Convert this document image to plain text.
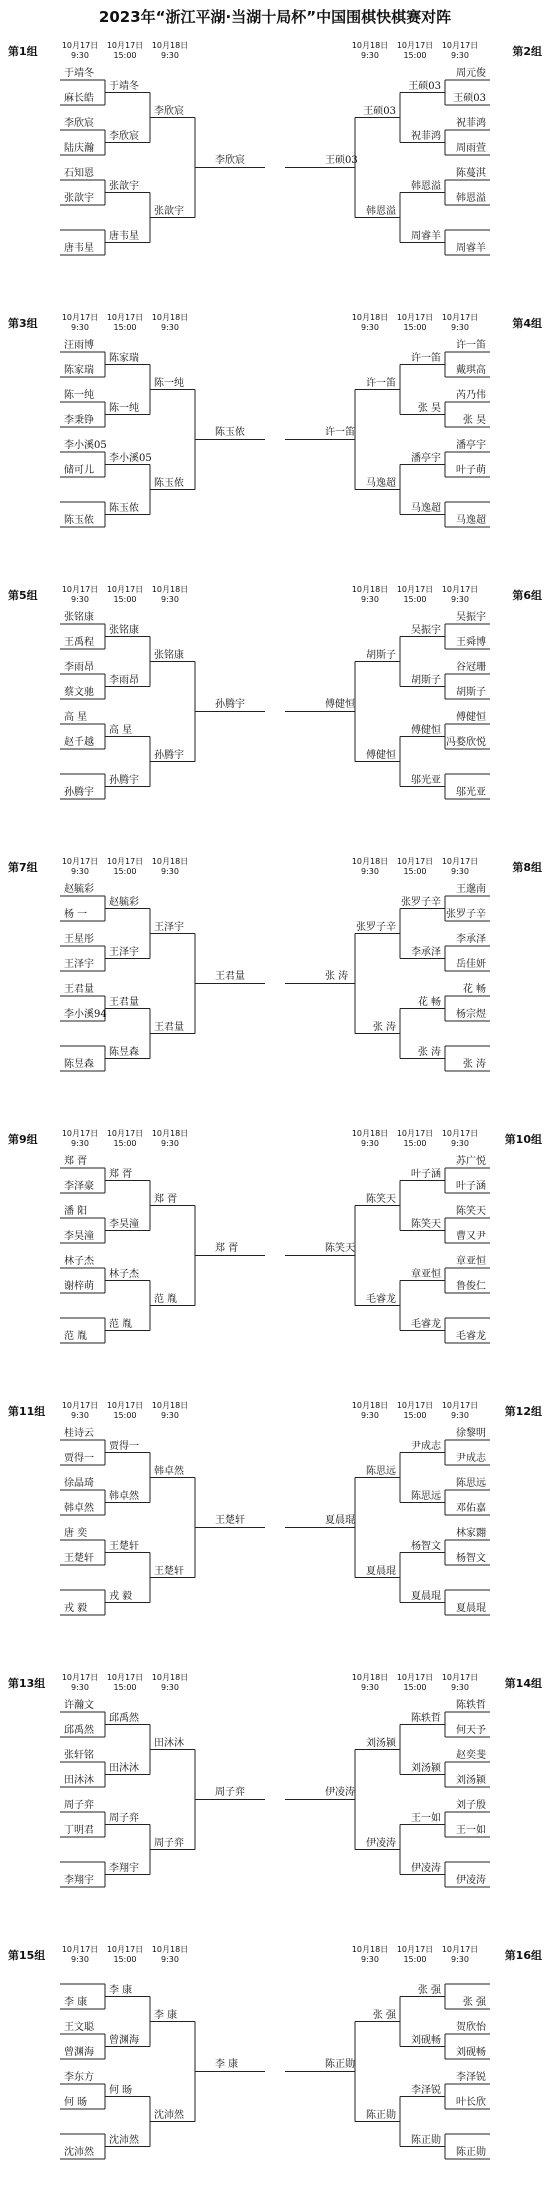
2023年“浙江平湖·当湖十局杯”中国围棋快棋赛对阵
第1组	第2组
10月17日
9:30
10月17日
15:00
10月18日
9:30
10月18日
9:30
10月17日
15:00
10月17日
9:30
于靖冬
麻长皓
李欣宸
陆庆瀚
石知恩
张歆宇
唐韦星
于靖冬
李欣宸
张歆宇
唐韦星
李欣宸
张歆宇
李欣宸
周元俊
王硕03
祝菲鸿
周雨萱
陈蔓淇
韩恩溢
周睿羊
王硕03
祝菲鸿
韩恩溢
周睿羊
王硕03
韩恩溢
王硕03
第3组	第4组
10月17日
9:30
10月17日
15:00
10月18日
9:30
10月18日
9:30
10月17日
15:00
10月17日
9:30
汪雨博
陈家瑞
陈一纯
李秉铮
李小溪05
储可儿
陈玉侬
陈家瑞
陈一纯
李小溪05
陈玉侬
陈一纯
陈玉侬
陈玉侬
许一笛
戴琪高
芮乃伟
张 昊
潘亭宇
叶子萌
马逸超
许一笛
张 昊
潘亭宇
马逸超
许一笛
马逸超
许一笛
第5组	第6组
10月17日
9:30
10月17日
15:00
10月18日
9:30
10月18日
9:30
10月17日
15:00
10月17日
9:30
张铭康
王禹程
李雨昂
蔡文驰
高 星
赵千越
孙腾宇
张铭康
李雨昂
高 星
孙腾宇
张铭康
孙腾宇
孙腾宇
吴振宇
王舜博
谷冠珊
胡斯子
傅健恒
冯婺欣悦
邬光亚
吴振宇
胡斯子
傅健恒
邬光亚
胡斯子
傅健恒
傅健恒
第7组	第8组
10月17日
9:30
10月17日
15:00
10月18日
9:30
10月18日
9:30
10月17日
15:00
10月17日
9:30
赵毓彩
杨 一
王星彤
王泽宇
王君量
李小溪94
陈昱森
赵毓彩
王泽宇
王君量
陈昱森
王泽宇
王君量
王君量
王邈南
张罗子辛
李承泽
岳佳妍
花 畅
杨宗煜
张 涛
张罗子辛
李承泽
花 畅
张 涛
张罗子辛
张 涛
张 涛
第9组	第10组
10月17日
9:30
10月17日
15:00
10月18日
9:30
10月18日
9:30
10月17日
15:00
10月17日
9:30
郑 胥
李泽豪
潘 阳
李昊潼
林子杰
谢梓萌
范 胤
郑 胥
李昊潼
林子杰
范 胤
郑 胥
范 胤
郑 胥
苏广悦
叶子涵
陈笑天
曹又尹
章亚恒
鲁俊仁
毛睿龙
叶子涵
陈笑天
章亚恒
毛睿龙
陈笑天
毛睿龙
陈笑天
第11组	第12组
10月17日
9:30
10月17日
15:00
10月18日
9:30
10月18日
9:30
10月17日
15:00
10月17日
9:30
桂诗云
贾得一
徐晶琦
韩卓然
唐 奕
王楚轩
戎 毅
贾得一
韩卓然
王楚轩
戎 毅
韩卓然
王楚轩
王楚轩
徐黎明
尹成志
陈思远
邓佑嘉
林家翾
杨智文
夏晨琨
尹成志
陈思远
杨智文
夏晨琨
陈思远
夏晨琨
夏晨琨
第13组	第14组
10月17日
9:30
10月17日
15:00
10月18日
9:30
10月18日
9:30
10月17日
15:00
10月17日
9:30
许瀚文
邱禹然
张轩铭
田沐沐
周子弈
丁明君
李翔宇
邱禹然
田沐沐
周子弈
李翔宇
田沐沐
周子弈
周子弈
陈轶哲
何天予
赵奕斐
刘汤颍
刘子殷
王一如
伊凌涛
陈轶哲
刘汤颍
王一如
伊凌涛
刘汤颍
伊凌涛
伊凌涛
第15组	第16组
10月17日
9:30
10月17日
15:00
10月18日
9:30
10月18日
9:30
10月17日
15:00
10月17日
9:30
李 康
王文聪
曾渊海
李东方
何 旸
沈沛然
李 康
曾渊海
何 旸
沈沛然
李 康
沈沛然
李 康
张 强
贺欣怡
刘砚畅
李泽锐
叶长欣
陈正勋
张 强
刘砚畅
李泽锐
陈正勋
张 强
陈正勋
陈正勋
